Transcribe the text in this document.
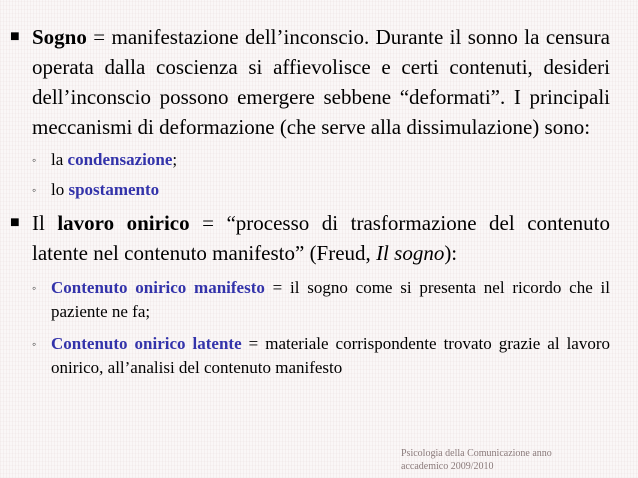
■
Sogno = manifestazione dell’inconscio. Durante il sonno la censura operata dalla coscienza si affievolisce e certi contenuti, desideri dell’inconscio possono emergere sebbene “deformati”. I principali meccanismi di deformazione (che serve alla dissimulazione) sono:
◦
la condensazione;
◦
lo spostamento
■
Il lavoro onirico = “processo di trasformazione del contenuto latente nel contenuto manifesto” (Freud, Il sogno):
◦
Contenuto onirico manifesto = il sogno come si presenta nel ricordo che il paziente ne fa;
◦
Contenuto onirico latente = materiale corrispondente trovato grazie al lavoro onirico, all’analisi del contenuto manifesto
Psicologia della Comunicazione anno
accademico 2009/2010
